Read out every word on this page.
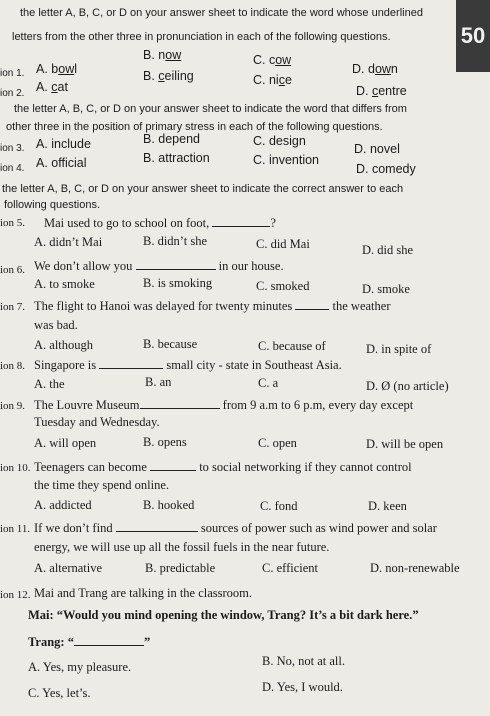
50
the letter A, B, C, or D on your answer sheet to indicate the word whose underlined
letters from the other three in pronunciation in each of the following questions.
ion 1. A. bowl
B. now	C. cow
D. down
ion 2. A. cat
B. ceiling	C. nice
D. centre
the letter A, B, C, or D on your answer sheet to indicate the word that differs from
other three in the position of primary stress in each of the following questions.
ion 3. A. include	B. depend	C. design
D. novel
ion 4. A. official	B. attraction	C. invention
D. comedy
the letter A, B, C, or D on your answer sheet to indicate the correct answer to each
following questions.
ion 5. Mai used to go to school on foot,	?
A. didn’t Mai	B. didn’t she	C. did Mai	D. did she
ion 6. We don’t allow you	in our house.
A. to smoke	B. is smoking	C. smoked	D. smoke
ion 7. The flight to Hanoi was delayed for twenty minutes	the weather
was bad.
A. although	B. because	C. because of	D. in spite of
ion 8. Singapore is	small city - state in Southeast Asia.
A. the	B. an	C. a	D. Ø (no article)
ion 9. The Louvre Museum	from 9 a.m to 6 p.m, every day except
Tuesday and Wednesday.
A. will open	B. opens	C. open	D. will be open
ion 10. Teenagers can become	to social networking if they cannot control
the time they spend online.
A. addicted	B. hooked	C. fond	D. keen
ion 11. If we don’t find	sources of power such as wind power and solar
energy, we will use up all the fossil fuels in the near future.
A. alternative	B. predictable	C. efficient	D. non-renewable
ion 12. Mai and Trang are talking in the classroom.
Mai: “Would you mind opening the window, Trang? It’s a bit dark here.”
Trang: “	”
A. Yes, my pleasure.	B. No, not at all.
C. Yes, let’s.	D. Yes, I would.
